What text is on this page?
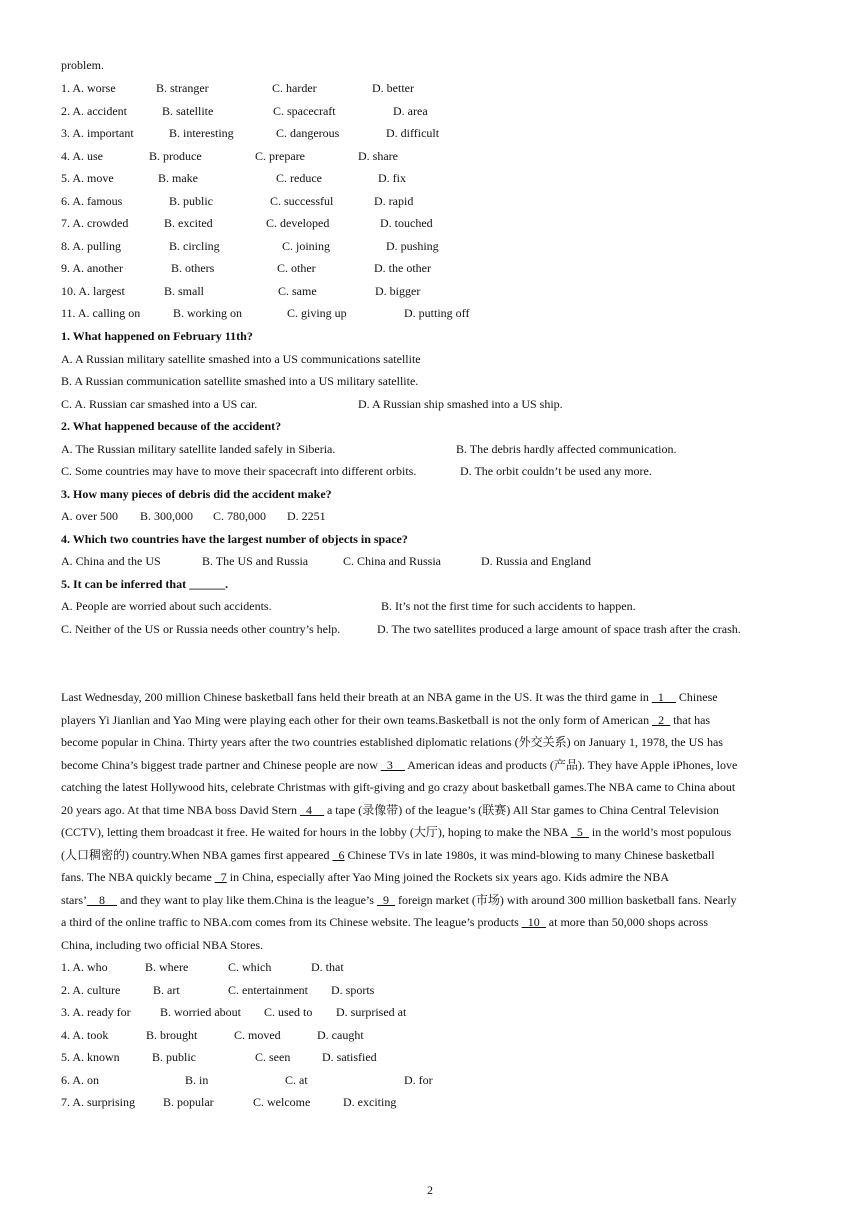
problem.
1. A. worse	B. stranger	C. harder	D. better
2. A. accident	B. satellite	C. spacecraft	D. area
3. A. important	B. interesting	C. dangerous	D. difficult
4. A. use	B. produce	C. prepare	D. share
5. A. move	B. make	C. reduce	D. fix
6. A. famous	B. public	C. successful	D. rapid
7. A. crowded	B. excited	C. developed	D. touched
8. A. pulling	B. circling	C. joining	D. pushing
9. A. another	B. others	C. other	D. the other
10. A. largest	B. small	C. same	D. bigger
11. A. calling on	B. working on	C. giving up	D. putting off
1. What happened on February 11th?
A. A Russian military satellite smashed into a US communications satellite
B. A Russian communication satellite smashed into a US military satellite.
C. A. Russian car smashed into a US car.	D. A Russian ship smashed into a US ship.
2. What happened because of the accident?
A. The Russian military satellite landed safely in Siberia.	B. The debris hardly affected communication.
C. Some countries may have to move their spacecraft into different orbits.	D. The orbit couldn’t be used any more.
3. How many pieces of debris did the accident make?
A. over 500 B. 300,000 C. 780,000 D. 2251
4. Which two countries have the largest number of objects in space?
A. China and the US	B. The US and Russia	C. China and Russia	D. Russia and England
5. It can be inferred that ______.
A. People are worried about such accidents.	B. It’s not the first time for such accidents to happen.
C. Neither of the US or Russia needs other country’s help.	D. The two satellites produced a large amount of space trash after the crash.
Last Wednesday, 200 million Chinese basketball fans held their breath at an NBA game in the US. It was the third game in _1__ Chinese
players Yi Jianlian and Yao Ming were playing each other for their own teams.Basketball is not the only form of American _2_ that has
become popular in China. Thirty years after the two countries established diplomatic relations (外交关系) on January 1, 1978, the US has
become China’s biggest trade partner and Chinese people are now _3__ American ideas and products (产品). They have Apple iPhones, love
catching the latest Hollywood hits, celebrate Christmas with gift-giving and go crazy about basketball games.The NBA came to China about
20 years ago. At that time NBA boss David Stern _4__ a tape (录像带) of the league’s (联赛) All Star games to China Central Television
(CCTV), letting them broadcast it free. He waited for hours in the lobby (大厅), hoping to make the NBA _5_ in the world’s most populous
(人口稠密的) country.When NBA games first appeared _6 Chinese TVs in late 1980s, it was mind-blowing to many Chinese basketball
fans. The NBA quickly became _7 in China, especially after Yao Ming joined the Rockets six years ago. Kids admire the NBA
stars’__8__ and they want to play like them.China is the league’s _9_ foreign market (市场) with around 300 million basketball fans. Nearly
a third of the online traffic to NBA.com comes from its Chinese website. The league’s products _10_ at more than 50,000 shops across
China, including two official NBA Stores.
1. A. who	B. where	C. which	D. that
2. A. culture	B. art	C. entertainment D. sports
3. A. ready for B. worried about C. used to D. surprised at
4. A. took	B. brought	C. moved	D. caught
5. A. known	B. public	C. seen	D. satisfied
6. A. on	B. in	C. at	D. for
7. A. surprising B. popular	C. welcome	D. exciting
2
